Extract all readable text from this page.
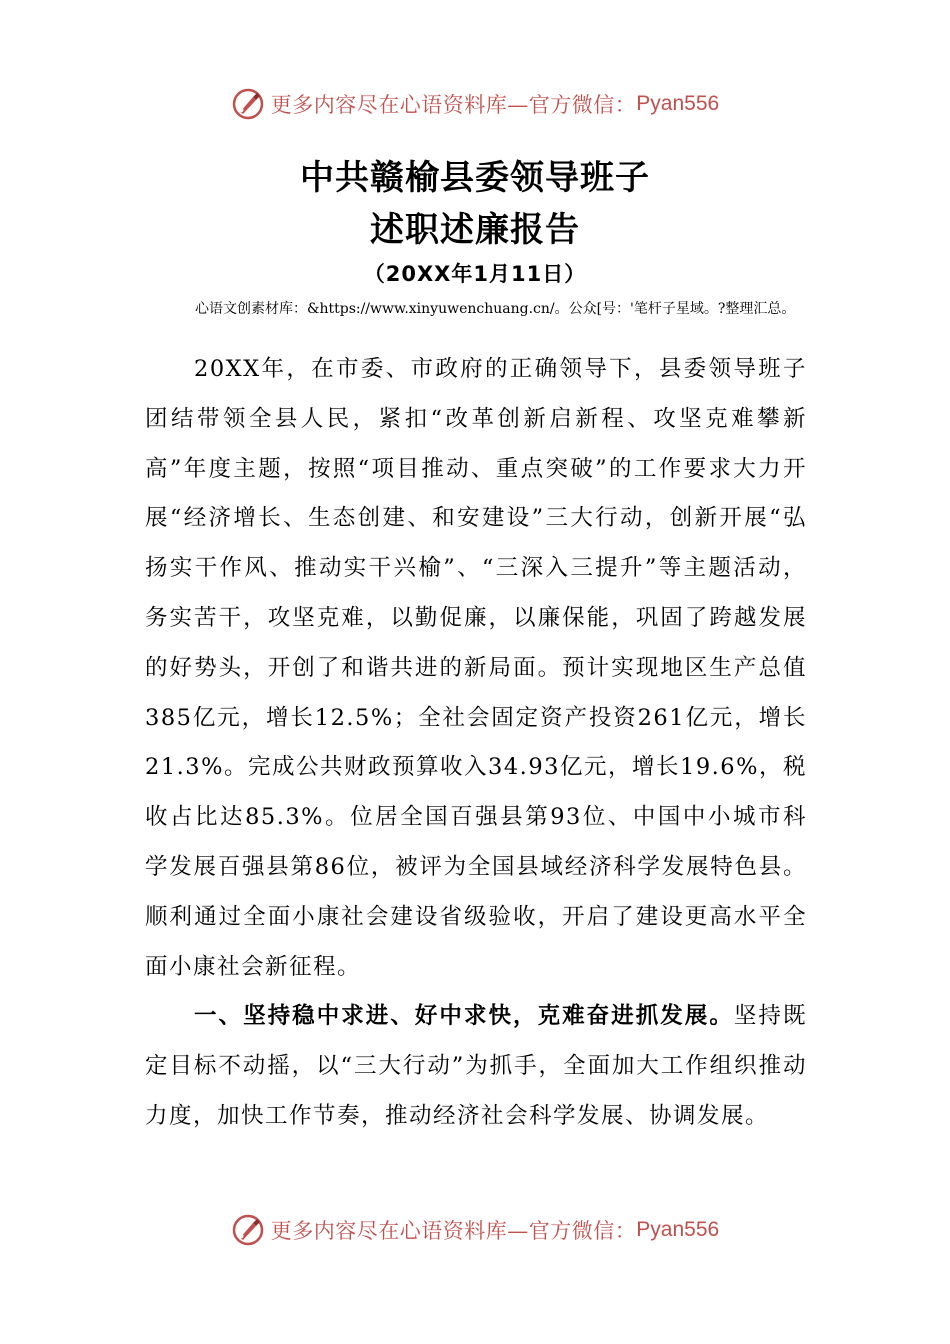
更多内容尽在心语资料库—官方微信： Pyan556
中共赣榆县委领导班子
述职述廉报告
（20XX年1月11日）
心语文创素材库：&https://www.xinyuwenchuang.cn/。公众[号：'笔杆子星域。?整理汇总。

20XX年，在市委、市政府的正确领导下，县委领导班子团结带领全县人民，紧扣“改革创新启新程、攻坚克难攀新高”年度主题，按照“项目推动、重点突破”的工作要求大力开展“经济增长、生态创建、和安建设”三大行动，创新开展“弘扬实干作风、推动实干兴榆”、“三深入三提升”等主题活动，务实苦干，攻坚克难，以勤促廉，以廉保能，巩固了跨越发展的好势头，开创了和谐共进的新局面。预计实现地区生产总值385亿元，增长12.5%；全社会固定资产投资261亿元，增长21.3%。完成公共财政预算收入34.93亿元，增长19.6%，税收占比达85.3%。位居全国百强县第93位、中国中小城市科学发展百强县第86位，被评为全国县域经济科学发展特色县。顺利通过全面小康社会建设省级验收，开启了建设更高水平全面小康社会新征程。

一、坚持稳中求进、好中求快，克难奋进抓发展。坚持既定目标不动摇，以“三大行动”为抓手，全面加大工作组织推动力度，加快工作节奏，推动经济社会科学发展、协调发展。

更多内容尽在心语资料库—官方微信： Pyan556
